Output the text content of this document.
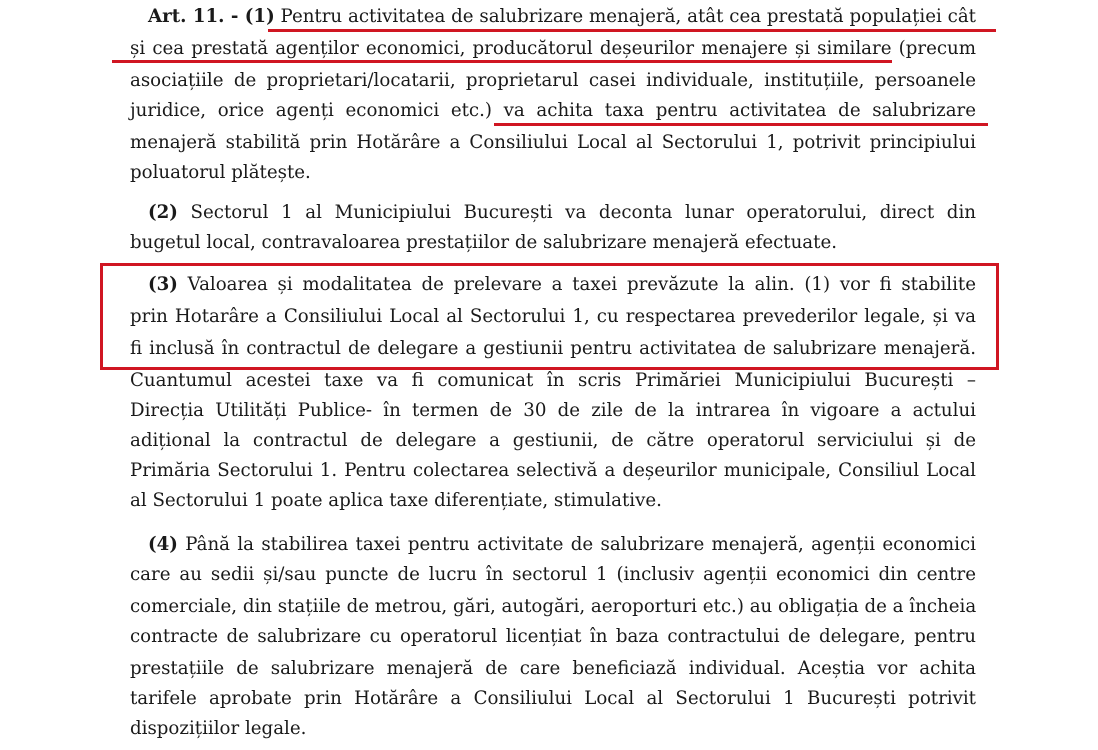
Art. 11. - (1) Pentru activitatea de salubrizare menajeră, atât cea prestată populației cât
și cea prestată agenților economici, producătorul deșeurilor menajere și similare (precum
asociațiile de proprietari/locatarii, proprietarul casei individuale, instituțiile, persoanele
juridice, orice agenți economici etc.) va achita taxa pentru activitatea de salubrizare
menajeră stabilită prin Hotărâre a Consiliului Local al Sectorului 1, potrivit principiului
poluatorul plătește.
(2) Sectorul 1 al Municipiului București va deconta lunar operatorului, direct din
bugetul local, contravaloarea prestațiilor de salubrizare menajeră efectuate.
(3) Valoarea și modalitatea de prelevare a taxei prevăzute la alin. (1) vor fi stabilite
prin Hotarâre a Consiliului Local al Sectorului 1, cu respectarea prevederilor legale, și va
fi inclusă în contractul de delegare a gestiunii pentru activitatea de salubrizare menajeră.
Cuantumul acestei taxe va fi comunicat în scris Primăriei Municipiului București –
Direcția Utilități Publice- în termen de 30 de zile de la intrarea în vigoare a actului
adițional la contractul de delegare a gestiunii, de către operatorul serviciului și de
Primăria Sectorului 1. Pentru colectarea selectivă a deșeurilor municipale, Consiliul Local
al Sectorului 1 poate aplica taxe diferențiate, stimulative.
(4) Până la stabilirea taxei pentru activitate de salubrizare menajeră, agenții economici
care au sedii și/sau puncte de lucru în sectorul 1 (inclusiv agenții economici din centre
comerciale, din stațiile de metrou, gări, autogări, aeroporturi etc.) au obligația de a încheia
contracte de salubrizare cu operatorul licențiat în baza contractului de delegare, pentru
prestațiile de salubrizare menajeră de care beneficiază individual. Aceștia vor achita
tarifele aprobate prin Hotărâre a Consiliului Local al Sectorului 1 București potrivit
dispozițiilor legale.
